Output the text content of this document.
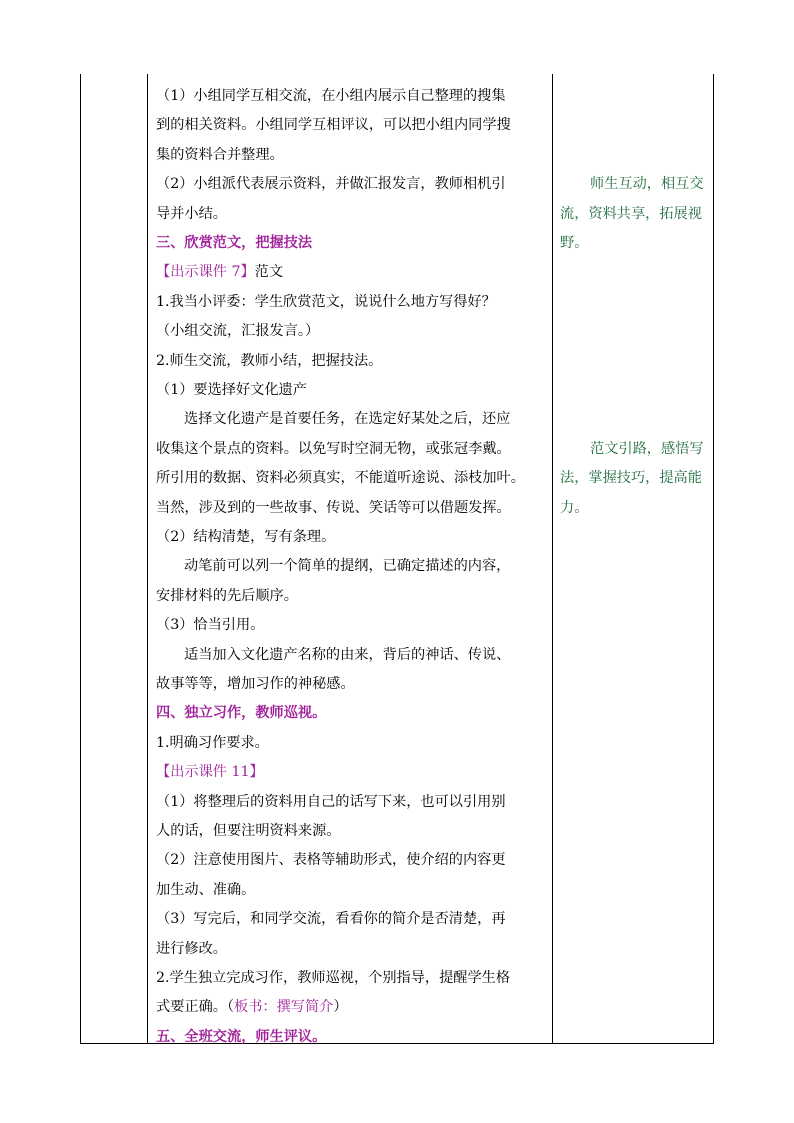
（1）小组同学互相交流，在小组内展示自己整理的搜集
到的相关资料。小组同学互相评议，可以把小组内同学搜
集的资料合并整理。
（2）小组派代表展示资料，并做汇报发言，教师相机引
导并小结。
三、欣赏范文，把握技法
【出示课件 7】范文
1.我当小评委：学生欣赏范文，说说什么地方写得好？
（小组交流，汇报发言。）
2.师生交流，教师小结，把握技法。
（1）要选择好文化遗产
选择文化遗产是首要任务，在选定好某处之后，还应
收集这个景点的资料。以免写时空洞无物，或张冠李戴。
所引用的数据、资料必须真实，不能道听途说、添枝加叶。
当然，涉及到的一些故事、传说、笑话等可以借题发挥。
（2）结构清楚，写有条理。
动笔前可以列一个简单的提纲，已确定描述的内容，
安排材料的先后顺序。
（3）恰当引用。
适当加入文化遗产名称的由来，背后的神话、传说、
故事等等，增加习作的神秘感。
四、独立习作，教师巡视。
1.明确习作要求。
【出示课件 11】
（1）将整理后的资料用自己的话写下来，也可以引用别
人的话，但要注明资料来源。
（2）注意使用图片、表格等辅助形式，使介绍的内容更
加生动、准确。
（3）写完后，和同学交流，看看你的简介是否清楚，再
进行修改。
2.学生独立完成习作，教师巡视，个别指导，提醒学生格
式要正确。（板书：撰写简介）
五、全班交流，师生评议。
师生互动，相互交
流，资料共享，拓展视
野。
范文引路，感悟写
法，掌握技巧，提高能
力。
